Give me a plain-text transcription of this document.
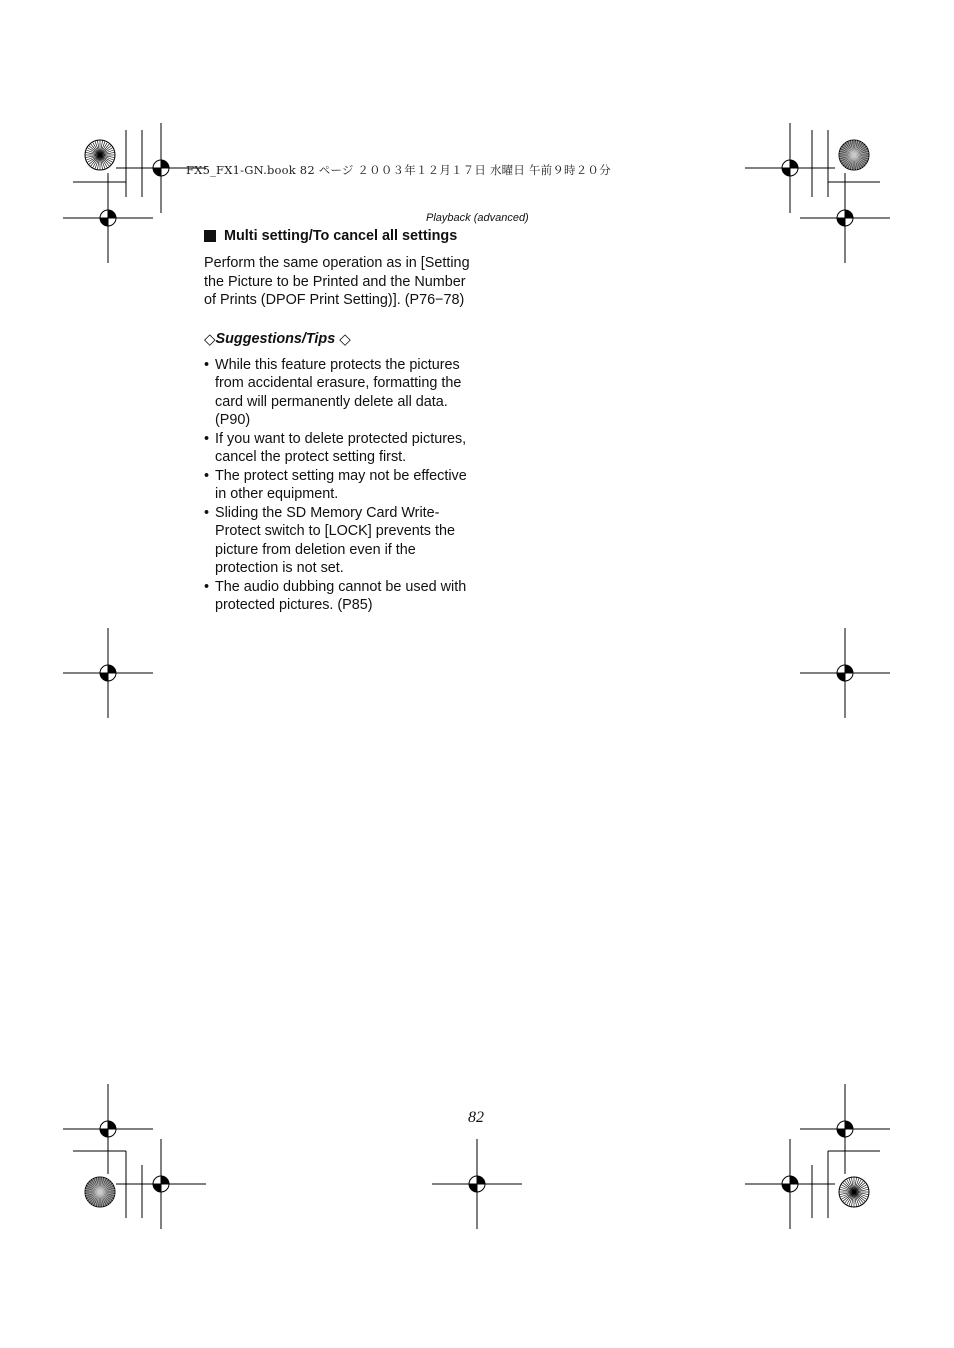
FX5_FX1-GN.book 82 ページ ２００３年１２月１７日 水曜日 午前９時２０分
Playback (advanced)
Multi setting/To cancel all settings

Perform the same operation as in [Setting the Picture to be Printed and the Number of Prints (DPOF Print Setting)]. (P76−78)

◇ Suggestions/Tips ◇
• While this feature protects the pictures from accidental erasure, formatting the card will permanently delete all data. (P90)
• If you want to delete protected pictures, cancel the protect setting first.
• The protect setting may not be effective in other equipment.
• Sliding the SD Memory Card Write-Protect switch to [LOCK] prevents the picture from deletion even if the protection is not set.
• The audio dubbing cannot be used with protected pictures. (P85)
82
